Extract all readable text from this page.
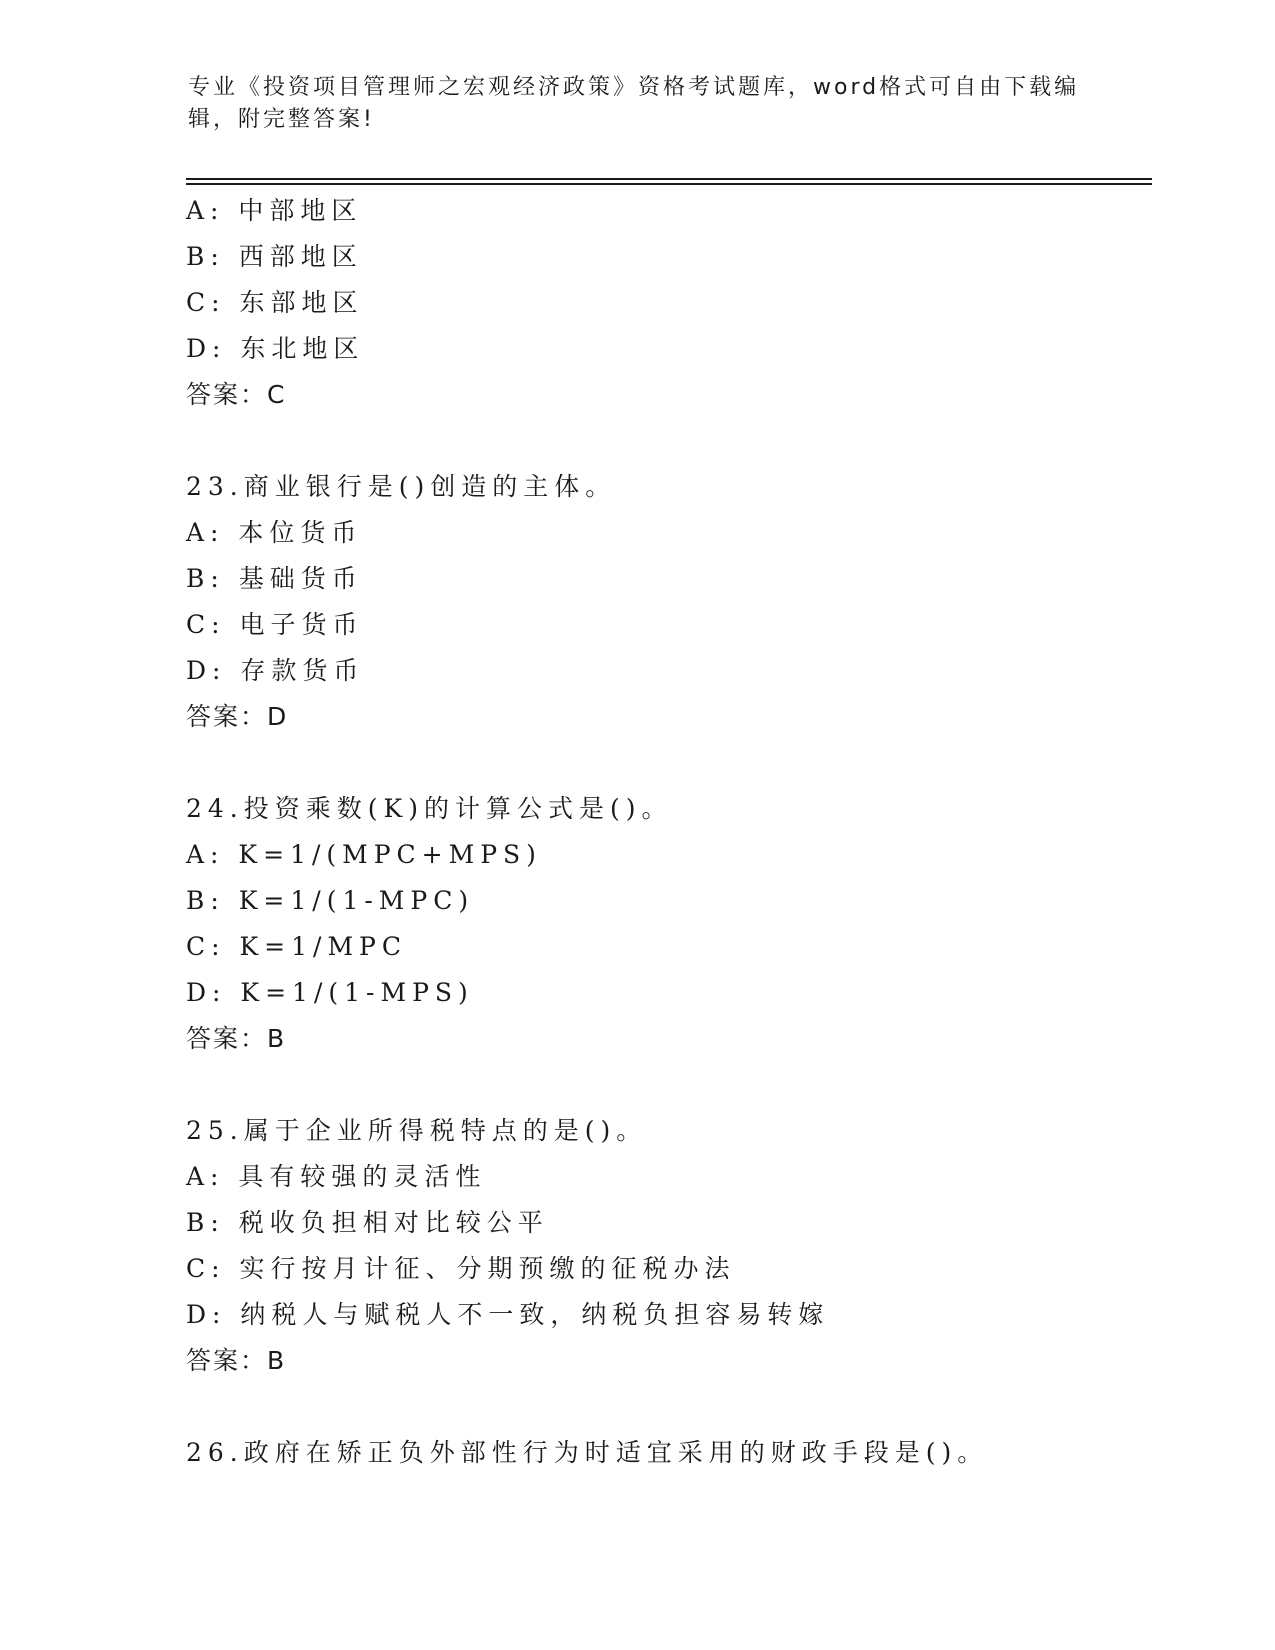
专业《投资项目管理师之宏观经济政策》资格考试题库，word格式可自由下载编辑，附完整答案!

A: 中部地区
B: 西部地区
C: 东部地区
D: 东北地区
答案：C
23.商业银行是()创造的主体。
A: 本位货币
B: 基础货币
C: 电子货币
D: 存款货币
答案：D
24.投资乘数(K)的计算公式是()。
A: K=1/(MPC+MPS)
B: K=1/(1-MPC)
C: K=1/MPC
D: K=1/(1-MPS)
答案：B
25.属于企业所得税特点的是()。
A: 具有较强的灵活性
B: 税收负担相对比较公平
C: 实行按月计征、分期预缴的征税办法
D: 纳税人与赋税人不一致，纳税负担容易转嫁
答案：B
26.政府在矫正负外部性行为时适宜采用的财政手段是()。
